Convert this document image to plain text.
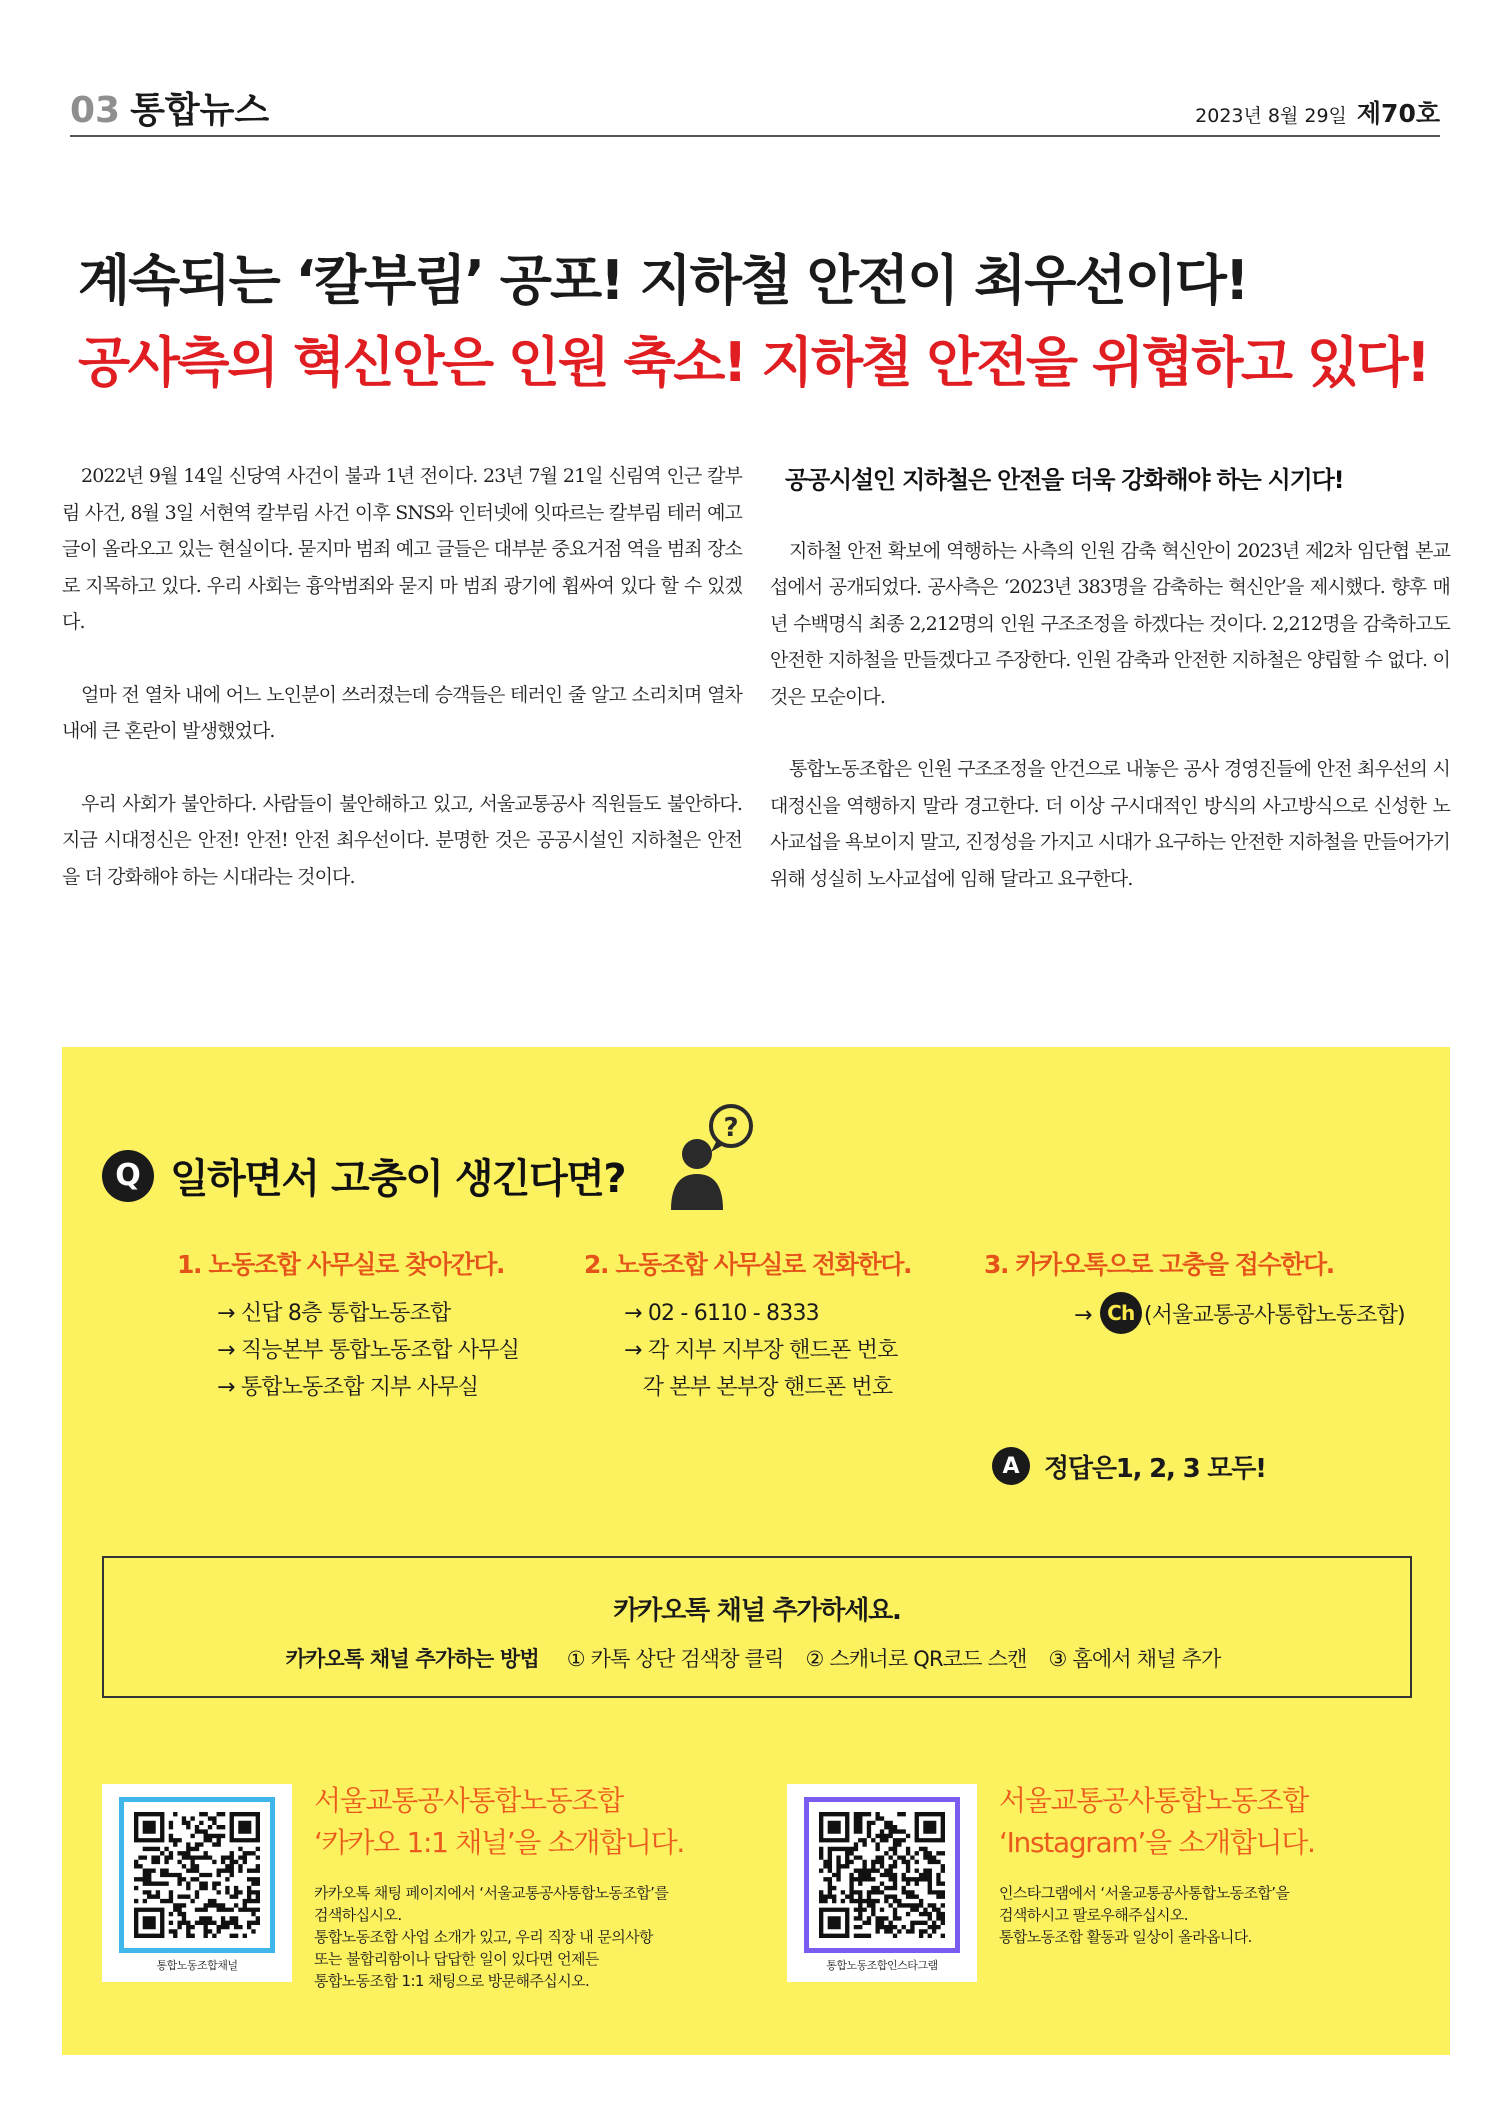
03 통합뉴스	2023년 8월 29일 제70호
계속되는 ‘칼부림’ 공포! 지하철 안전이 최우선이다!
공사측의 혁신안은 인원 축소! 지하철 안전을 위협하고 있다!

2022년 9월 14일 신당역 사건이 불과 1년 전이다. 23년 7월 21일 신림역 인근 칼부림 사건, 8월 3일 서현역 칼부림 사건 이후 SNS와 인터넷에 잇따르는 칼부림 테러 예고 글이 올라오고 있는 현실이다. 묻지마 범죄 예고 글들은 대부분 중요거점 역을 범죄 장소로 지목하고 있다. 우리 사회는 흉악범죄와 묻지 마 범죄 광기에 휩싸여 있다 할 수 있겠다.

얼마 전 열차 내에 어느 노인분이 쓰러졌는데 승객들은 테러인 줄 알고 소리치며 열차내에 큰 혼란이 발생했었다.

우리 사회가 불안하다. 사람들이 불안해하고 있고, 서울교통공사 직원들도 불안하다. 지금 시대정신은 안전! 안전! 안전 최우선이다. 분명한 것은 공공시설인 지하철은 안전을 더 강화해야 하는 시대라는 것이다.

공공시설인 지하철은 안전을 더욱 강화해야 하는 시기다!

지하철 안전 확보에 역행하는 사측의 인원 감축 혁신안이 2023년 제2차 임단협 본교섭에서 공개되었다. 공사측은 ‘2023년 383명을 감축하는 혁신안’을 제시했다. 향후 매년 수백명식 최종 2,212명의 인원 구조조정을 하겠다는 것이다. 2,212명을 감축하고도 안전한 지하철을 만들겠다고 주장한다. 인원 감축과 안전한 지하철은 양립할 수 없다. 이것은 모순이다.

통합노동조합은 인원 구조조정을 안건으로 내놓은 공사 경영진들에 안전 최우선의 시대정신을 역행하지 말라 경고한다. 더 이상 구시대적인 방식의 사고방식으로 신성한 노사교섭을 욕보이지 말고, 진정성을 가지고 시대가 요구하는 안전한 지하철을 만들어가기 위해 성실히 노사교섭에 임해 달라고 요구한다.

Q 일하면서 고충이 생긴다면?
?
1. 노동조합 사무실로 찾아간다.
→ 신답 8층 통합노동조합
→ 직능본부 통합노동조합 사무실
→ 통합노동조합 지부 사무실
2. 노동조합 사무실로 전화한다.
→ 02 - 6110 - 8333
→ 각 지부 지부장 핸드폰 번호
각 본부 본부장 핸드폰 번호
3. 카카오톡으로 고충을 접수한다.
→ Ch (서울교통공사통합노동조합)
A 정답은1, 2, 3 모두!
카카오톡 채널 추가하세요.
카카오톡 채널 추가하는 방법 ① 카톡 상단 검색창 클릭 ② 스캐너로 QR코드 스캔 ③ 홈에서 채널 추가
통합노동조합채널
서울교통공사통합노동조합
‘카카오 1:1 채널’을 소개합니다.
카카오톡 채팅 페이지에서 ‘서울교통공사통합노동조합’를
검색하십시오.
통합노동조합 사업 소개가 있고, 우리 직장 내 문의사항
또는 불합리함이나 답답한 일이 있다면 언제든
통합노동조합 1:1 채팅으로 방문해주십시오.
통합노동조합인스타그램
서울교통공사통합노동조합
‘Instagram’을 소개합니다.
인스타그램에서 ‘서울교통공사통합노동조합’을
검색하시고 팔로우해주십시오.
통합노동조합 활동과 일상이 올라옵니다.
